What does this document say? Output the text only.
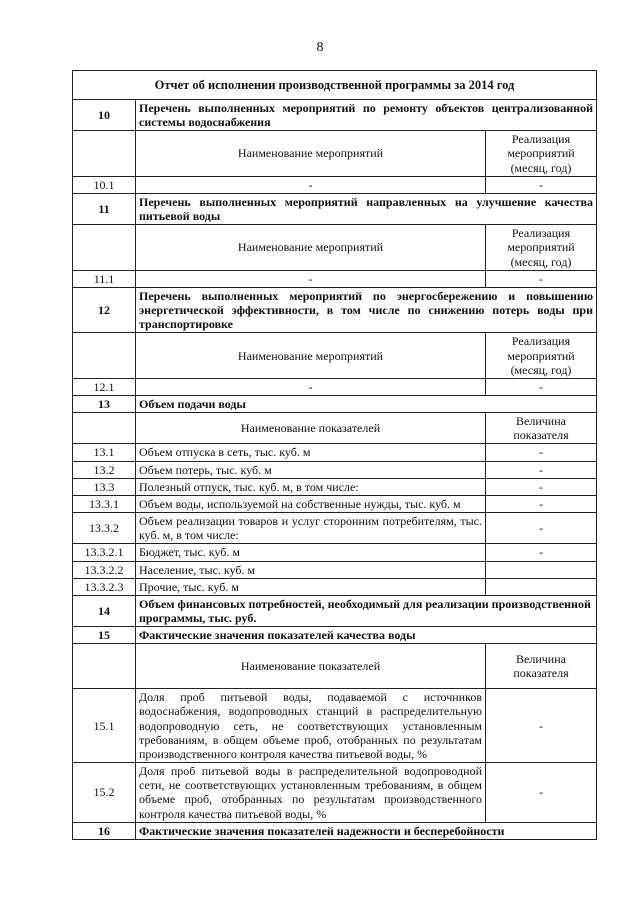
8
Отчет об исполнении производственной программы за 2014 год		
10	Перечень выполненных мероприятий по ремонту объектов централизованной системы водоснабжения	
	Наименование мероприятий	Реализация мероприятий (месяц, год)
10.1	-	-
11	Перечень выполненных мероприятий направленных на улучшение качества питьевой воды	
	Наименование мероприятий	Реализация мероприятий (месяц, год)
11.1	-	-
12	Перечень выполненных мероприятий по энергосбережению и повышению энергетической эффективности, в том числе по снижению потерь воды при транспортировке	
	Наименование мероприятий	Реализация мероприятий (месяц, год)
12.1	-	-
13	Объем подачи воды	
	Наименование показателей	Величина показателя
13.1	Объем отпуска в сеть, тыс. куб. м	-
13.2	Объем потерь, тыс. куб. м	-
13.3	Полезный отпуск, тыс. куб. м, в том числе:	-
13.3.1	Объем воды, используемой на собственные нужды, тыс. куб. м	-
13.3.2	Объем реализации товаров и услуг сторонним потребителям, тыс. куб. м, в том числе:	-
13.3.2.1	Бюджет, тыс. куб. м	-
13.3.2.2	Население, тыс. куб. м	
13.3.2.3	Прочие, тыс. куб. м	
14	Объем финансовых потребностей, необходимый для реализации производственной программы, тыс. руб.	
15	Фактические значения показателей качества воды	
	Наименование показателей	Величина показателя
15.1	Доля проб питьевой воды, подаваемой с источников водоснабжения, водопроводных станций в распределительную водопроводную сеть, не соответствующих установленным требованиям, в общем объеме проб, отобранных по результатам производственного контроля качества питьевой воды, %	-
15.2	Доля проб питьевой воды в распределительной водопроводной сети, не соответствующих установленным требованиям, в общем объеме проб, отобранных по результатам производственного контроля качества питьевой воды, %	-
16	Фактические значения показателей надежности и бесперебойности	
